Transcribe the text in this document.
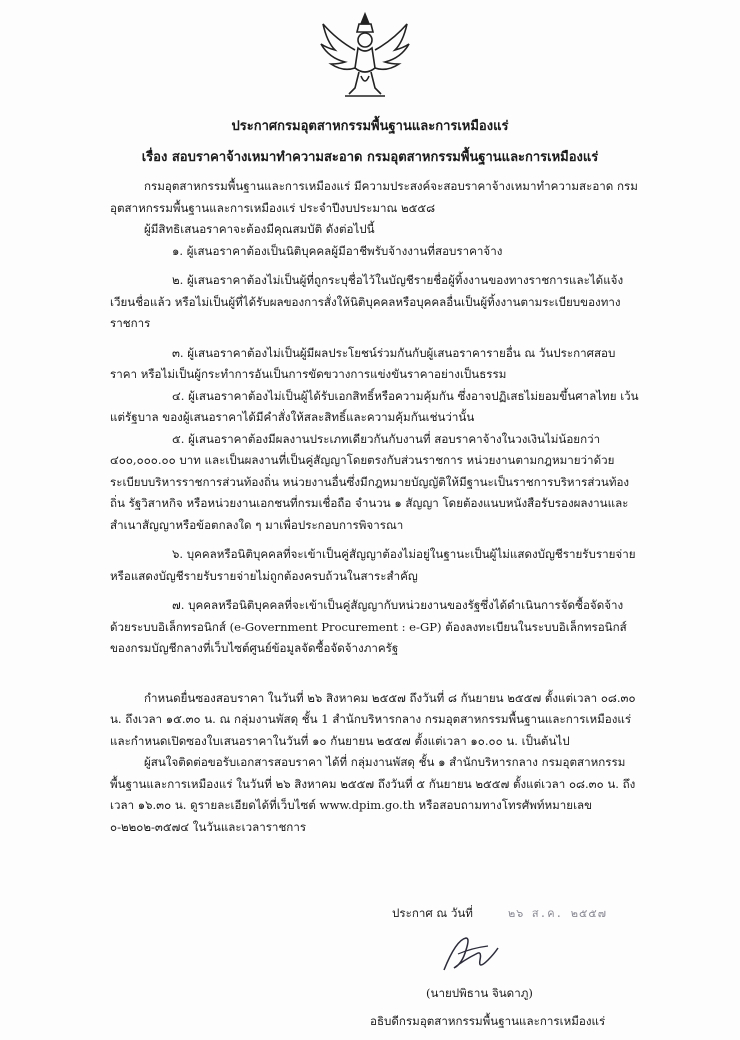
ประกาศกรมอุตสาหกรรมพื้นฐานและการเหมืองแร่
เรื่อง สอบราคาจ้างเหมาทำความสะอาด กรมอุตสาหกรรมพื้นฐานและการเหมืองแร่

กรมอุตสาหกรรมพื้นฐานและการเหมืองแร่ มีความประสงค์จะสอบราคาจ้างเหมาทำความสะอาด กรมอุตสาหกรรมพื้นฐานและการเหมืองแร่ ประจำปีงบประมาณ ๒๕๕๘

ผู้มีสิทธิเสนอราคาจะต้องมีคุณสมบัติ ดังต่อไปนี้

๑. ผู้เสนอราคาต้องเป็นนิติบุคคลผู้มีอาชีพรับจ้างงานที่สอบราคาจ้าง

๒. ผู้เสนอราคาต้องไม่เป็นผู้ที่ถูกระบุชื่อไว้ในบัญชีรายชื่อผู้ทิ้งงานของทางราชการและได้แจ้งเวียนชื่อแล้ว หรือไม่เป็นผู้ที่ได้รับผลของการสั่งให้นิติบุคคลหรือบุคคลอื่นเป็นผู้ทิ้งงานตามระเบียบของทางราชการ

๓. ผู้เสนอราคาต้องไม่เป็นผู้มีผลประโยชน์ร่วมกันกับผู้เสนอราคารายอื่น ณ วันประกาศสอบราคา หรือไม่เป็นผู้กระทำการอันเป็นการขัดขวางการแข่งขันราคาอย่างเป็นธรรม

๔. ผู้เสนอราคาต้องไม่เป็นผู้ได้รับเอกสิทธิ์หรือความคุ้มกัน ซึ่งอาจปฏิเสธไม่ยอมขึ้นศาลไทย เว้นแต่รัฐบาล ของผู้เสนอราคาได้มีคำสั่งให้สละสิทธิ์และความคุ้มกันเช่นว่านั้น

๕. ผู้เสนอราคาต้องมีผลงานประเภทเดียวกันกับงานที่ สอบราคาจ้างในวงเงินไม่น้อยกว่า ๔๐๐,๐๐๐.๐๐ บาท และเป็นผลงานที่เป็นคู่สัญญาโดยตรงกับส่วนราชการ หน่วยงานตามกฎหมายว่าด้วยระเบียบบริหารราชการส่วนท้องถิ่น หน่วยงานอื่นซึ่งมีกฎหมายบัญญัติให้มีฐานะเป็นราชการบริหารส่วนท้องถิ่น รัฐวิสาหกิจ หรือหน่วยงานเอกชนที่กรมเชื่อถือ จำนวน ๑ สัญญา โดยต้องแนบหนังสือรับรองผลงานและสำเนาสัญญาหรือข้อตกลงใด ๆ มาเพื่อประกอบการพิจารณา

๖. บุคคลหรือนิติบุคคลที่จะเข้าเป็นคู่สัญญาต้องไม่อยู่ในฐานะเป็นผู้ไม่แสดงบัญชีรายรับรายจ่ายหรือแสดงบัญชีรายรับรายจ่ายไม่ถูกต้องครบถ้วนในสาระสำคัญ

๗. บุคคลหรือนิติบุคคลที่จะเข้าเป็นคู่สัญญากับหน่วยงานของรัฐซึ่งได้ดำเนินการจัดซื้อจัดจ้างด้วยระบบอิเล็กทรอนิกส์ (e-Government Procurement : e-GP) ต้องลงทะเบียนในระบบอิเล็กทรอนิกส์ของกรมบัญชีกลางที่เว็บไซต์ศูนย์ข้อมูลจัดซื้อจัดจ้างภาครัฐ

กำหนดยื่นซองสอบราคา ในวันที่ ๒๖ สิงหาคม ๒๕๕๗ ถึงวันที่ ๘ กันยายน ๒๕๕๗ ตั้งแต่เวลา ๐๘.๓๐ น. ถึงเวลา ๑๕.๓๐ น. ณ กลุ่มงานพัสดุ ชั้น 1 สำนักบริหารกลาง กรมอุตสาหกรรมพื้นฐานและการเหมืองแร่ และกำหนดเปิดซองใบเสนอราคาในวันที่ ๑๐ กันยายน ๒๕๕๗ ตั้งแต่เวลา ๑๐.๐๐ น. เป็นต้นไป

ผู้สนใจติดต่อขอรับเอกสารสอบราคา ได้ที่ กลุ่มงานพัสดุ ชั้น ๑ สำนักบริหารกลาง กรมอุตสาหกรรมพื้นฐานและการเหมืองแร่ ในวันที่ ๒๖ สิงหาคม ๒๕๕๗ ถึงวันที่ ๕ กันยายน ๒๕๕๗ ตั้งแต่เวลา ๐๘.๓๐ น. ถึงเวลา ๑๖.๓๐ น. ดูรายละเอียดได้ที่เว็บไซต์ www.dpim.go.th หรือสอบถามทางโทรศัพท์หมายเลข ๐-๒๒๐๒-๓๕๗๔ ในวันและเวลาราชการ

ประกาศ ณ วันที่	๒๖ ส.ค. ๒๕๕๗
(นายปพิธาน จินดาภู)
อธิบดีกรมอุตสาหกรรมพื้นฐานและการเหมืองแร่
